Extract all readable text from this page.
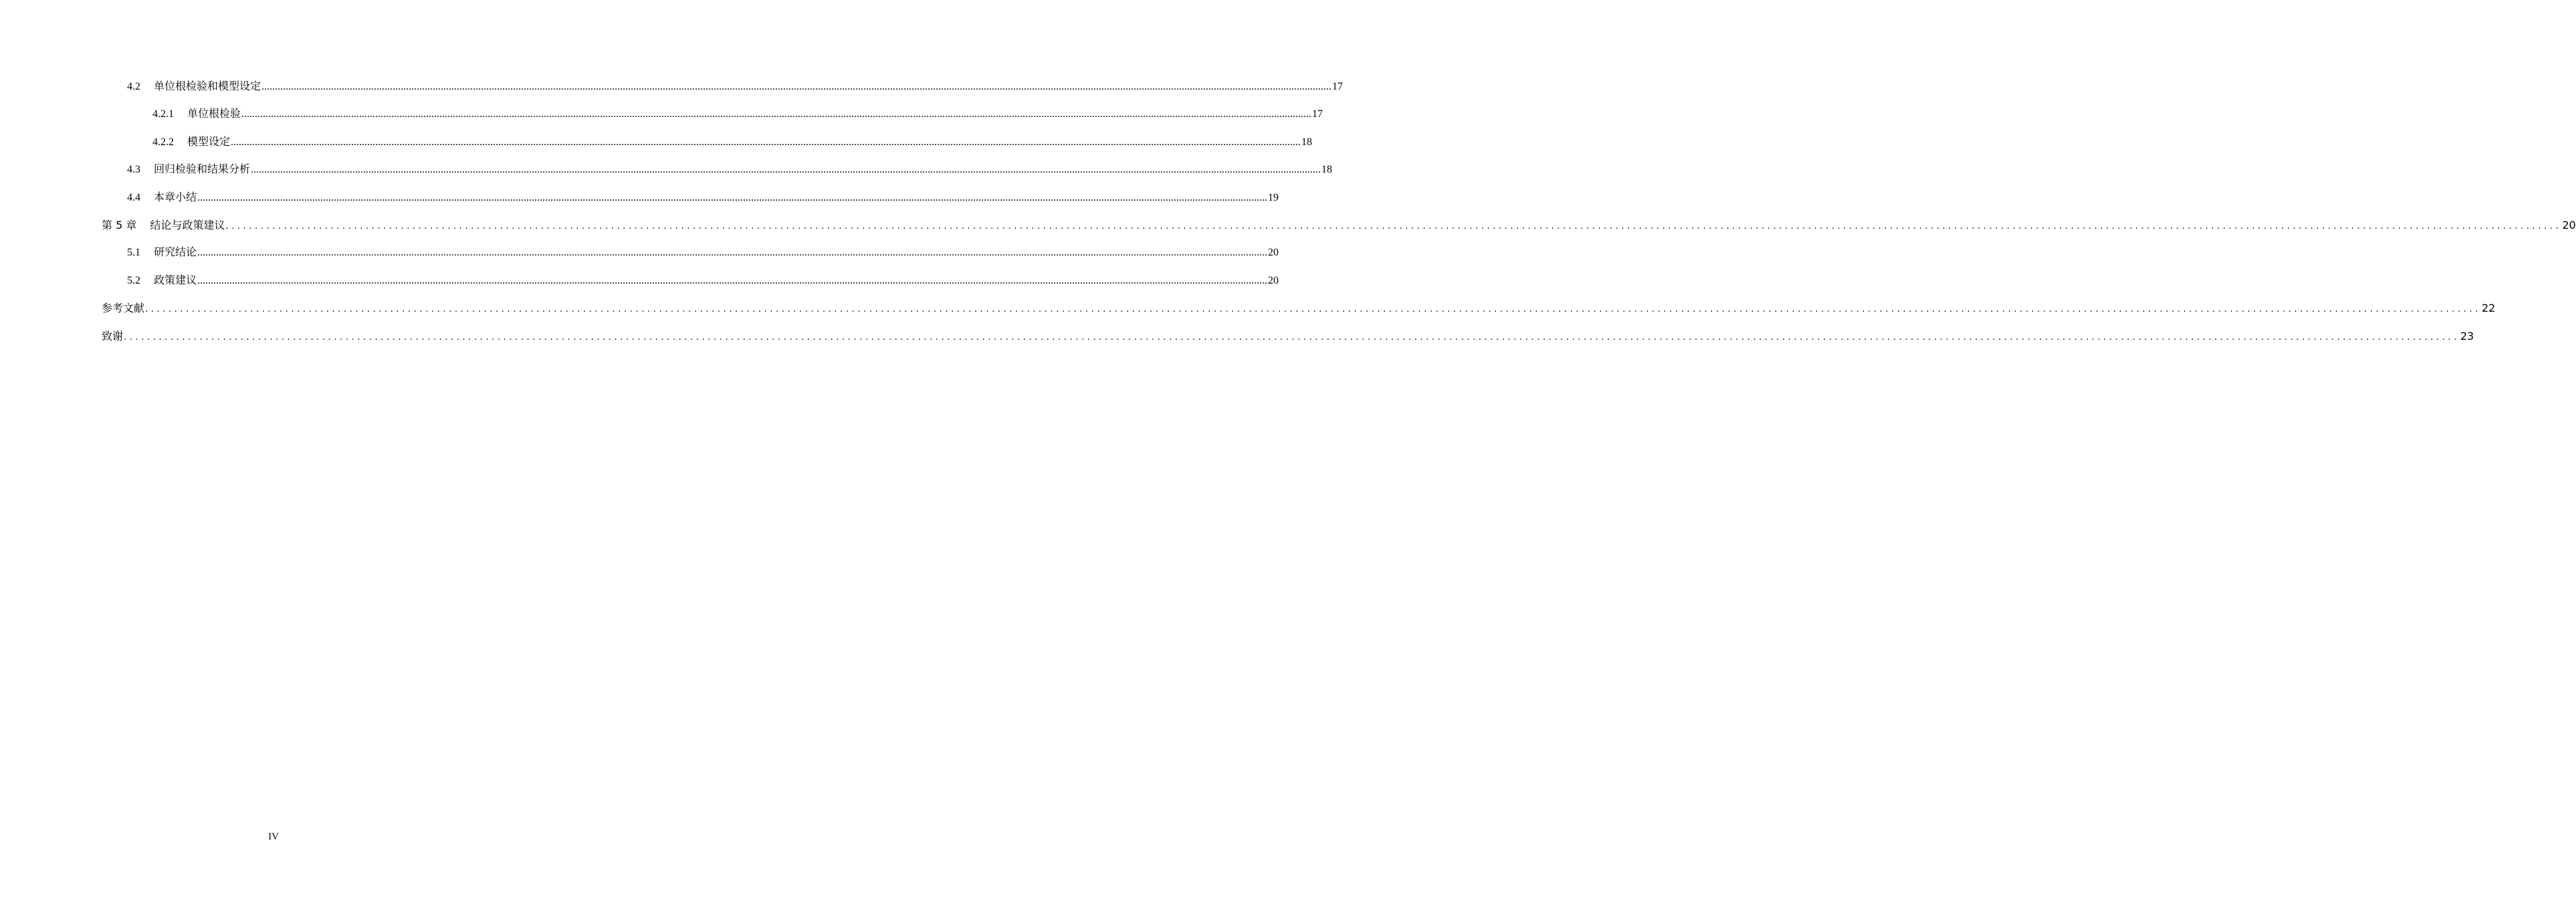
4.2 单位根检验和模型设定 ................................................................................................................................................................................................................................................................................................................................................................................................................ 17
4.2.1 单位根检验 ................................................................................................................................................................................................................................................................................................................................................................................................................ 17
4.2.2 模型设定 ................................................................................................................................................................................................................................................................................................................................................................................................................ 18
4.3 回归检验和结果分析 ................................................................................................................................................................................................................................................................................................................................................................................................................ 18
4.4 本章小结 ................................................................................................................................................................................................................................................................................................................................................................................................................ 19
第 5 章 结论与政策建议 ................................................................................................................................................................................................................................................................................................................................................................................................................ 20
5.1 研究结论 ................................................................................................................................................................................................................................................................................................................................................................................................................ 20
5.2 政策建议 ................................................................................................................................................................................................................................................................................................................................................................................................................ 20
参考文献 ................................................................................................................................................................................................................................................................................................................................................................................................................ 22
致谢 ................................................................................................................................................................................................................................................................................................................................................................................................................ 23
IV
